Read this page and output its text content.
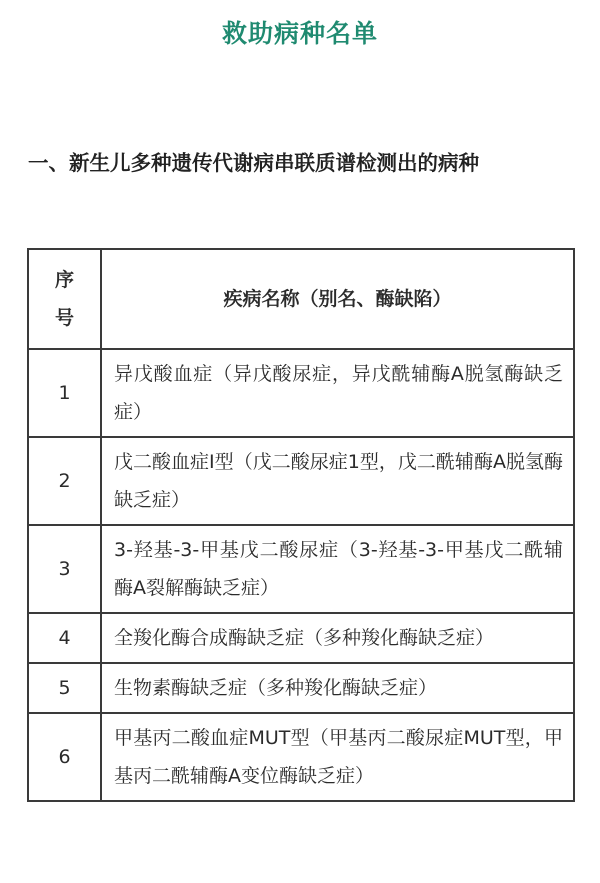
救助病种名单
一、新生儿多种遗传代谢病串联质谱检测出的病种
序
号	疾病名称（别名、酶缺陷）
1	异戊酸血症（异戊酸尿症，异戊酰辅酶A脱氢酶缺乏症）
2	戊二酸血症I型（戊二酸尿症1型，戊二酰辅酶A脱氢酶缺乏症）
3	3-羟基-3-甲基戊二酸尿症（3-羟基-3-甲基戊二酰辅酶A裂解酶缺乏症）
4	全羧化酶合成酶缺乏症（多种羧化酶缺乏症）
5	生物素酶缺乏症（多种羧化酶缺乏症）
6	甲基丙二酸血症MUT型（甲基丙二酸尿症MUT型，甲基丙二酰辅酶A变位酶缺乏症）
